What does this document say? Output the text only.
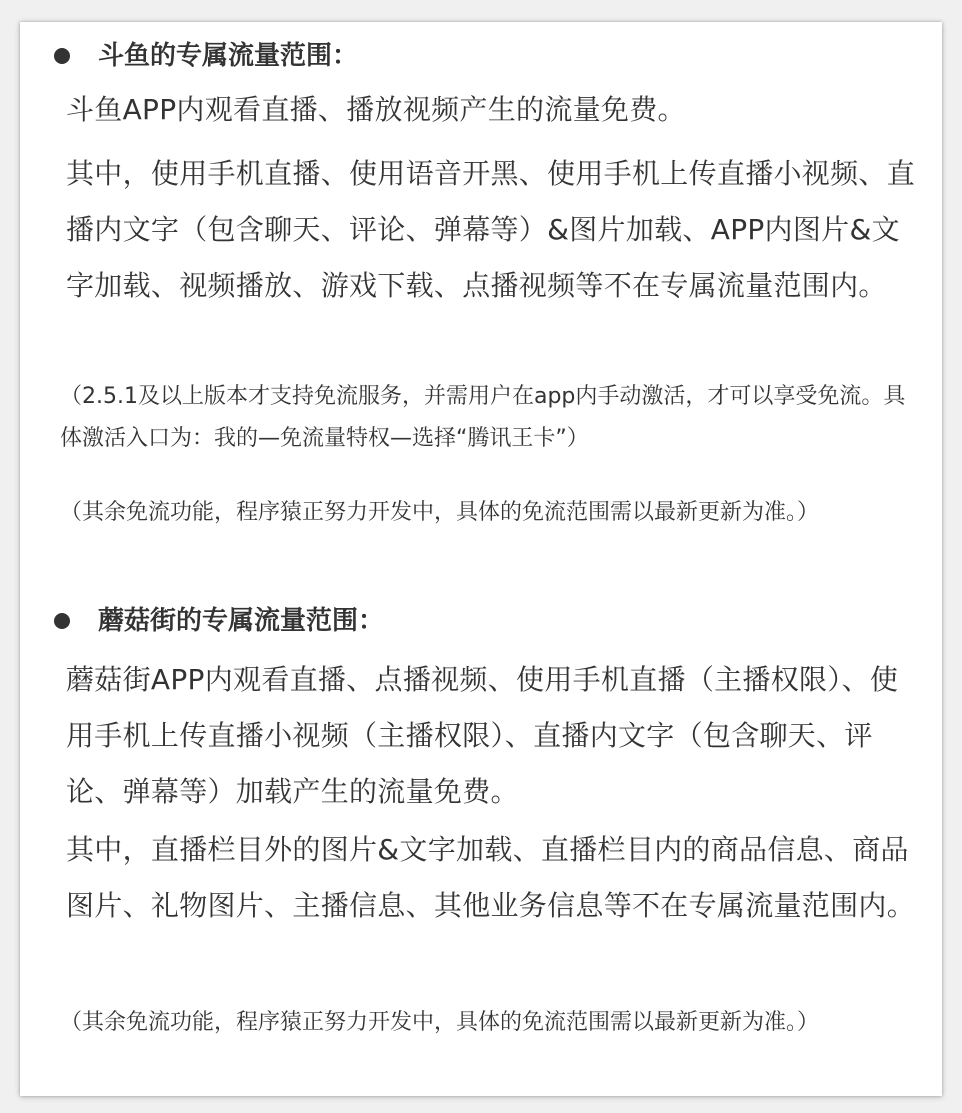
斗鱼的专属流量范围：

斗鱼APP内观看直播、播放视频产生的流量免费。

其中，使用手机直播、使用语音开黑、使用手机上传直播小视频、直播内文字（包含聊天、评论、弹幕等）&图片加载、APP内图片&文字加载、视频播放、游戏下载、点播视频等不在专属流量范围内。

（2.5.1及以上版本才支持免流服务，并需用户在app内手动激活，才可以享受免流。具体激活入口为：我的—免流量特权—选择“腾讯王卡”）

（其余免流功能，程序猿正努力开发中，具体的免流范围需以最新更新为准。）

蘑菇街的专属流量范围：

蘑菇街APP内观看直播、点播视频、使用手机直播（主播权限）、使用手机上传直播小视频（主播权限）、直播内文字（包含聊天、评论、弹幕等）加载产生的流量免费。

其中，直播栏目外的图片&文字加载、直播栏目内的商品信息、商品图片、礼物图片、主播信息、其他业务信息等不在专属流量范围内。

（其余免流功能，程序猿正努力开发中，具体的免流范围需以最新更新为准。）
